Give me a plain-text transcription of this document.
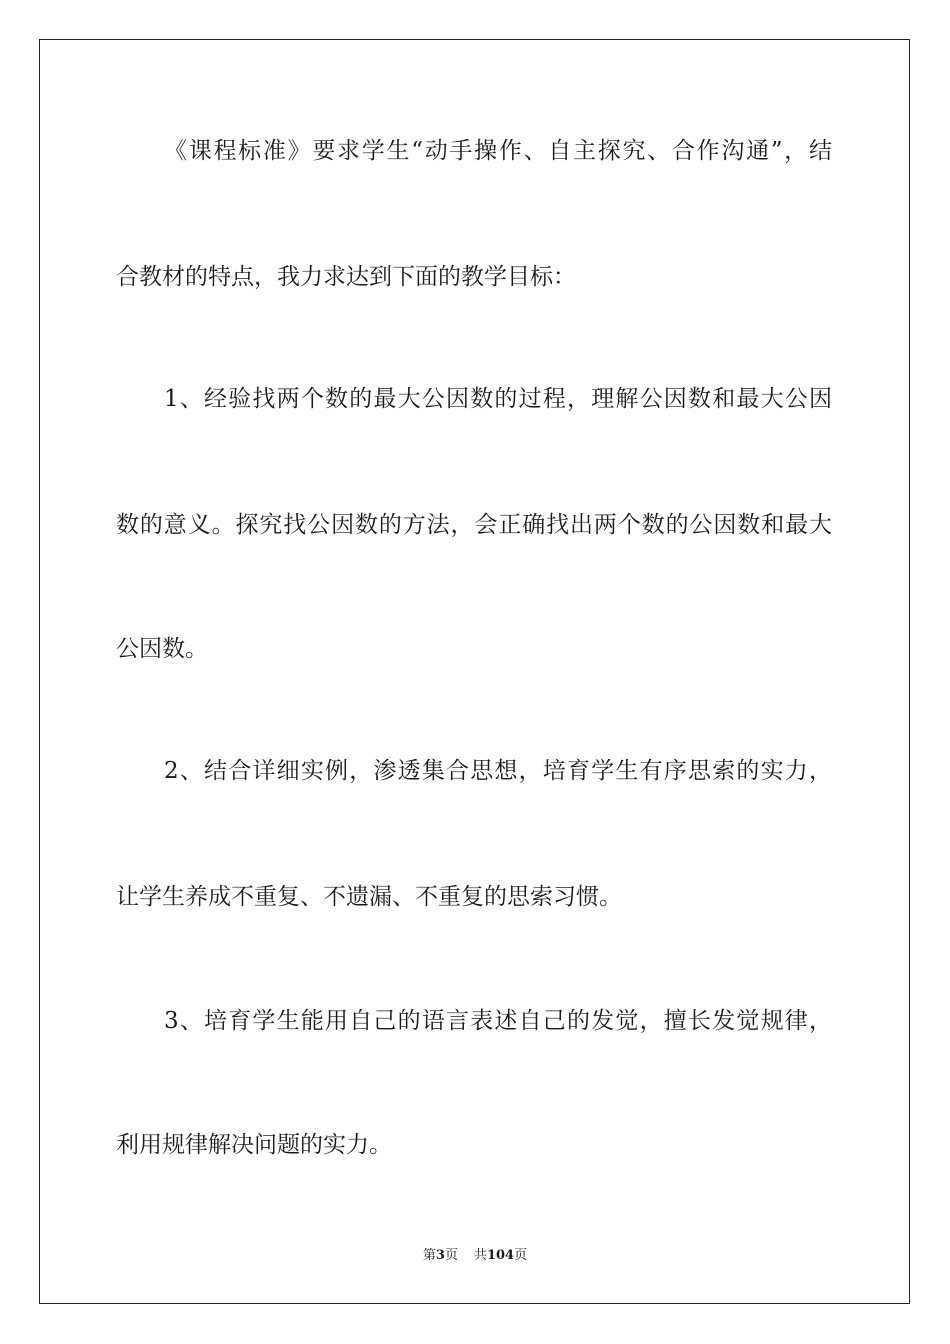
《课程标准》要求学生“动手操作、自主探究、合作沟通”，结
合教材的特点，我力求达到下面的教学目标：
1、经验找两个数的最大公因数的过程，理解公因数和最大公因
数的意义。探究找公因数的方法，会正确找出两个数的公因数和最大
公因数。
2、结合详细实例，渗透集合思想，培育学生有序思索的实力，
让学生养成不重复、不遗漏、不重复的思索习惯。
3、培育学生能用自己的语言表述自己的发觉，擅长发觉规律，
利用规律解决问题的实力。
第3页 共104页
